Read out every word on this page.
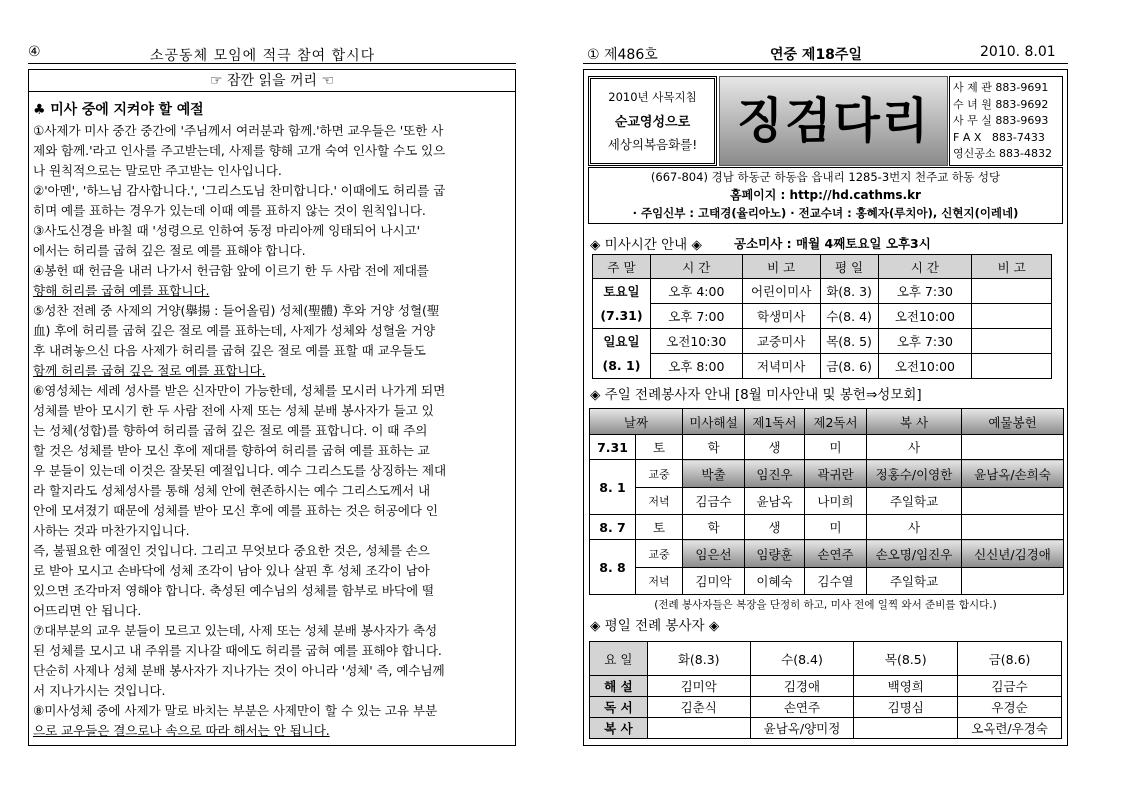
④	소공동체 모임에 적극 참여 합시다
☞ 잠깐 읽을 꺼리 ☜
♣ 미사 중에 지켜야 할 예절
①사제가 미사 중간 중간에 '주님께서 여러분과 함께.'하면 교우들은 '또한 사
제와 함께.'라고 인사를 주고받는데, 사제를 향해 고개 숙여 인사할 수도 있으
나 원칙적으로는 말로만 주고받는 인사입니다.
②'아멘', '하느님 감사합니다.', '그리스도님 찬미합니다.' 이때에도 허리를 굽
히며 예를 표하는 경우가 있는데 이때 예를 표하지 않는 것이 원칙입니다.
③사도신경을 바칠 때 '성령으로 인하여 동정 마리아께 잉태되어 나시고'
에서는 허리를 굽혀 깊은 절로 예를 표해야 합니다.
④봉헌 때 헌금을 내러 나가서 헌금함 앞에 이르기 한 두 사람 전에 제대를
향해 허리를 굽혀 예를 표합니다.
⑤성찬 전례 중 사제의 거양(擧揚 : 들어올림) 성체(聖體) 후와 거양 성혈(聖
血) 후에 허리를 굽혀 깊은 절로 예를 표하는데, 사제가 성체와 성혈을 거양
후 내려놓으신 다음 사제가 허리를 굽혀 깊은 절로 예를 표할 때 교우들도
함께 허리를 굽혀 깊은 절로 예를 표합니다.
⑥영성체는 세례 성사를 받은 신자만이 가능한데, 성체를 모시러 나가게 되면
성체를 받아 모시기 한 두 사람 전에 사제 또는 성체 분배 봉사자가 들고 있
는 성체(성합)를 향하여 허리를 굽혀 깊은 절로 예를 표합니다. 이 때 주의
할 것은 성체를 받아 모신 후에 제대를 향하여 허리를 굽혀 예를 표하는 교
우 분들이 있는데 이것은 잘못된 예절입니다. 예수 그리스도를 상징하는 제대
라 할지라도 성체성사를 통해 성체 안에 현존하시는 예수 그리스도께서 내
안에 모셔졌기 때문에 성체를 받아 모신 후에 예를 표하는 것은 허공에다 인
사하는 것과 마찬가지입니다.
즉, 불필요한 예절인 것입니다. 그리고 무엇보다 중요한 것은, 성체를 손으
로 받아 모시고 손바닥에 성체 조각이 남아 있나 살핀 후 성체 조각이 남아
있으면 조각마저 영해야 합니다. 축성된 예수님의 성체를 함부로 바닥에 떨
어뜨리면 안 됩니다.
⑦대부분의 교우 분들이 모르고 있는데, 사제 또는 성체 분배 봉사자가 축성
된 성체를 모시고 내 주위를 지나갈 때에도 허리를 굽혀 예를 표해야 합니다.
단순히 사제나 성체 분배 봉사자가 지나가는 것이 아니라 '성체' 즉, 예수님께
서 지나가시는 것입니다.
⑧미사성체 중에 사제가 말로 바치는 부분은 사제만이 할 수 있는 고유 부분
으로 교우들은 결으로나 속으로 따라 해서는 안 됩니다.
① 제486호	연중 제18주일	2010. 8.01
2010년 사목지침
순교영성으로
세상의복음화를! 징검다리
사 제 관 883-9691
수 녀 원 883-9692
사 무 실 883-9693
F A X   883-7433
영신공소 883-4832
(667-804) 경남 하동군 하동읍 읍내리 1285-3번지 천주교 하동 성당
홈페이지 : http://hd.cathms.kr
· 주임신부 : 고태경(율리아노) · 전교수녀 : 홍혜자(루치아), 신현지(이레네)
◈ 미사시간 안내 ◈	공소미사 : 매월 4째토요일 오후3시
주 말	시 간	비 고	평 일	시 간	비 고
토요일	오후 4:00	어린이미사	화(8. 3)	오후 7:30	
(7.31)	오후 7:00	학생미사	수(8. 4)	오전10:00	
일요일	오전10:30	교중미사	목(8. 5)	오후 7:30	
(8. 1)	오후 8:00	저녁미사	금(8. 6)	오전10:00	
◈ 주일 전례봉사자 안내 [8월 미사안내 및 봉헌⇒성모회]
날짜		미사해설	제1독서	제2독서	복 사	예물봉헌
7.31	토	학	생	미	사	
8. 1	교중	박출	임진우	곽귀란	정홍수/이영한	윤남옥/손희숙
	저녁	김금수	윤남옥	나미희	주일학교	
8. 7	토	학	생	미	사	
8. 8	교중	임은선	임량훈	손연주	손오명/임진우	신신년/김경애
	저녁	김미악	이혜숙	김수열	주일학교	
(전례 봉사자들은 복장을 단정히 하고, 미사 전에 일찍 와서 준비를 합시다.)
◈ 평일 전례 봉사자 ◈
요 일	화(8.3)	수(8.4)	목(8.5)	금(8.6)
해 설	김미악	김경애	백영희	김금수
독 서	김춘식	손연주	김명심	우경순
복 사		윤남옥/양미정		오옥련/우경숙
